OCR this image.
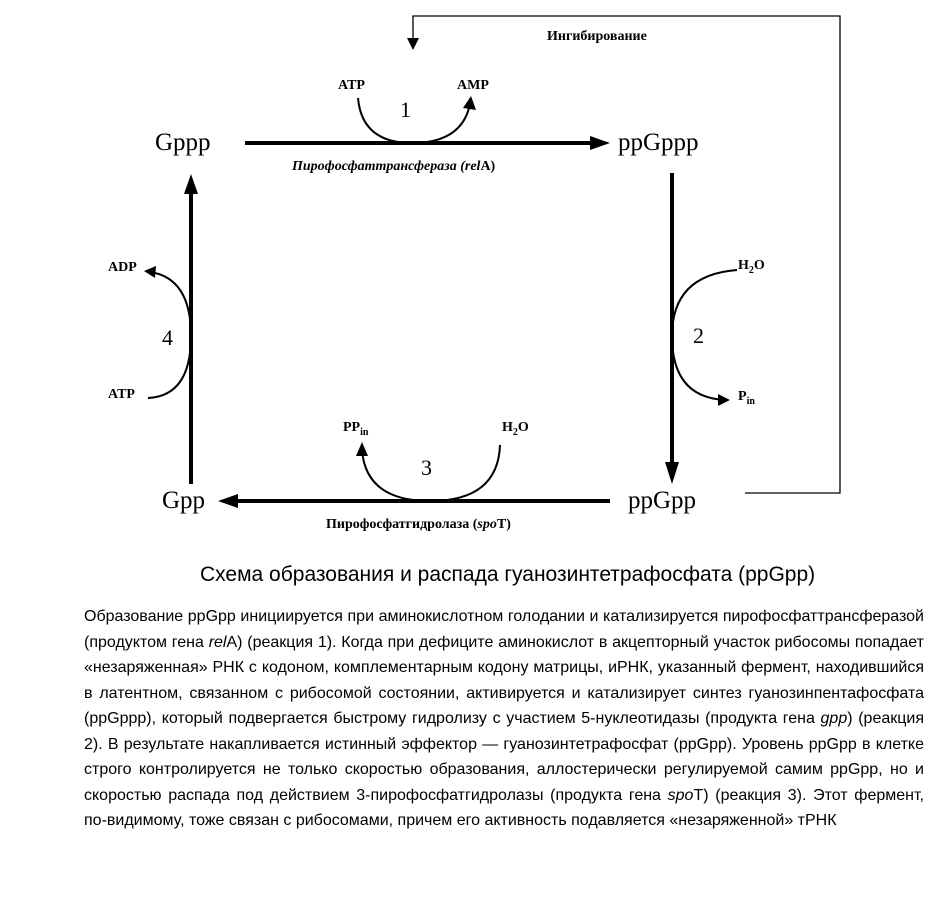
Gppp	ppGppp
ppGpp
Gpp
1
2
3
4
ATP	AMP
ADP
ATP
$H_2O$
$P_{in}$
$PP_{in}$	$H_2O$
Пирофосфаттрансфераза (relA)
Пирофосфатгидролаза (spoT)
Ингибирование
Схема образования и распада гуанозинтетрафосфата (ppGpp)
Образование ppGpp инициируется при аминокислотном голодании и катализируется пирофосфаттрансферазой (продуктом гена relA) (реакция 1). Когда при дефиците аминокислот в акцепторный участок рибосомы попадает «незаряженная» РНК с кодоном, комплементарным кодону матрицы, иРНК, указанный фермент, находившийся в латентном, связанном с рибосомой состоянии, активируется и катализирует синтез гуанозинпентафосфата (ppGppp), который подвергается быстрому гидролизу с участием 5-нуклеотидазы (продукта гена gpp) (реакция 2). В результате накапливается истинный эффектор — гуанозинтетрафосфат (ppGpp). Уровень ppGpp в клетке строго контролируется не только скоростью образования, аллостерически регулируемой самим ppGpp, но и скоростью распада под действием 3-пирофосфатгидролазы (продукта гена spoT) (реакция 3). Этот фермент, по-видимому, тоже связан с рибосомами, причем его активность подавляется «незаряженной» тРНК
